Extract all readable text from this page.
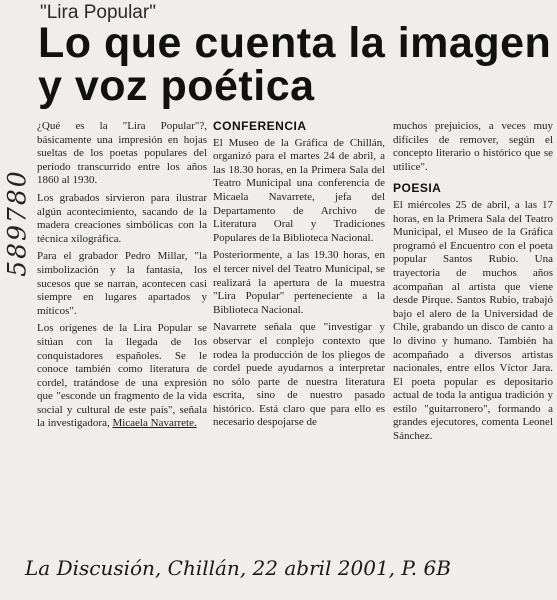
"Lira Popular"
Lo que cuenta la imagen y voz poética
589780

¿Qué es la "Lira Popular"?, básicamente una impresión en hojas sueltas de los poetas populares del período transcurrido entre los años 1860 al 1930.

Los grabados sirvieron para ilustrar algún acontecimiento, sacando de la madera creaciones simbólicas con la técnica xilográfica.

Para el grabador Pedro Millar, "la simbolización y la fantasía, los sucesos que se narran, acontecen casi siempre en lugares apartados y míticos".

Los orígenes de la Lira Popular se sitúan con la llegada de los conquistadores españoles. Se le conoce también como literatura de cordel, tratándose de una expresión que "esconde un fragmento de la vida social y cultural de este país", señala la investigadora, Micaela Navarrete.

CONFERENCIA

El Museo de la Gráfica de Chillán, organizó para el martes 24 de abril, a las 18.30 horas, en la Primera Sala del Teatro Municipal una conferencia de Micaela Navarrete, jefa del Departamento de Archivo de Literatura Oral y Tradiciones Populares de la Biblioteca Nacional.

Posteriormente, a las 19.30 horas, en el tercer nivel del Teatro Municipal, se realizará la apertura de la muestra "Lira Popular" perteneciente a la Biblioteca Nacional.

Navarrete señala que "investigar y observar el conplejo contexto que rodea la producción de los pliegos de cordel puede ayudarnos a interpretar no sólo parte de nuestra literatura escrita, sino de nuestro pasado histórico. Está claro que para ello es necesario despojarse de

muchos prejuicios, a veces muy difíciles de remover, según el concepto literario o histórico que se utilice".

POESIA

El miércoles 25 de abril, a las 17 horas, en la Primera Sala del Teatro Municipal, el Museo de la Gráfica programó el Encuentro con el poeta popular Santos Rubio. Una trayectoria de muchos años acompañan al artista que viene desde Pirque. Santos Rubio, trabajó bajo el alero de la Universidad de Chile, grabando un disco de canto a lo divino y humano. También ha acompañado a diversos artistas nacionales, entre ellos Víctor Jara. El poeta popular es depositario actual de toda la antigua tradición y estilo "guitarronero", formando a grandes ejecutores, comenta Leonel Sánchez.

La Discusión, Chillán, 22 abril 2001, P. 6B
